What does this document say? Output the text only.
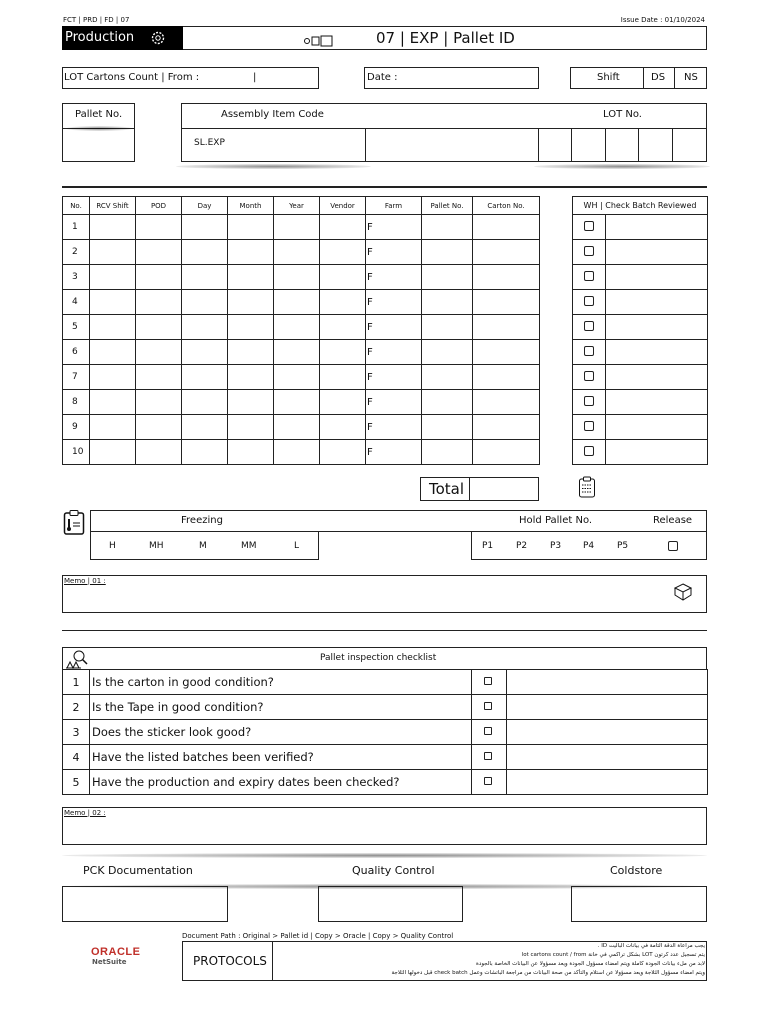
FCT | PRD | FD | 07	Issue Date : 01/10/2024
Production	07 | EXP | Pallet ID
LOT Cartons Count | From :	|	Date :	Shift	DS NS
Pallet No.	Assembly Item Code	LOT No.
SL.EXP
No.	RCV Shift	POD	Day	Month	Year	Vendor	Farm	Pallet No.	Carton No.
1							F		
2							F		
3							F		
4							F		
5							F		
6							F		
7							F		
8							F		
9							F		
10							F		
WH | Check Batch Reviewed	

Total
Freezing	Hold Pallet No.	Release
H	MH	M	MM	L	P1	P2	P3 P4	P5
Memo | 01 :
Pallet inspection checklist
1	Is the carton in good condition?	

2	Is the Tape in good condition?	

3	Does the sticker look good?	

4	Have the listed batches been verified?	

5	Have the production and expiry dates been checked?	

Memo | 02 :
PCK Documentation	Quality Control	Coldstore
Document Path : Original > Pallet id | Copy > Oracle | Copy > Quality Control
ORACLE
NetSuite	PROTOCOLS
يجب مراعاة الدقة التامة في بيانات الباليت ID .
يتم تسجيل عدد كرتون LOT بشكل تراكمي في خانة lot cartons count / from
لابد من ملء بيانات الجودة كاملة ويتم امضاء مسؤول الجودة ويعد مسؤولا عن البيانات الخاصة بالجودة
ويتم امضاء مسؤول الثلاجة ويعد مسؤولا عن استلام والتأكد من صحة البيانات من مراجعة الباتشات وعمل check batch قبل دخولها الثلاجة
